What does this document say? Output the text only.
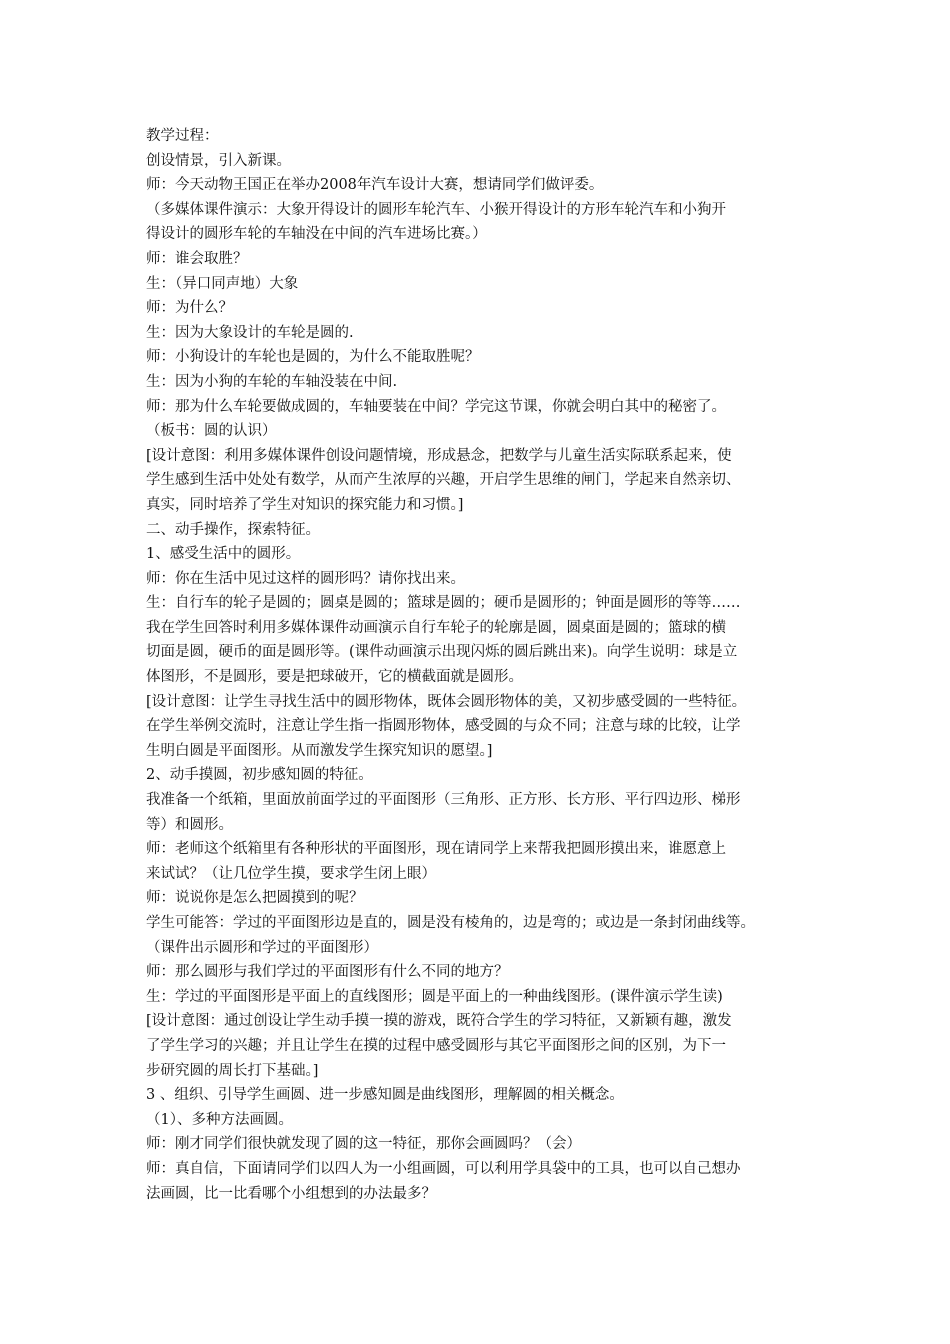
教学过程：
创设情景，引入新课。
师：今天动物王国正在举办2008年汽车设计大赛，想请同学们做评委。
（多媒体课件演示：大象开得设计的圆形车轮汽车、小猴开得设计的方形车轮汽车和小狗开
得设计的圆形车轮的车轴没在中间的汽车进场比赛。）
师：谁会取胜？
生：（异口同声地）大象
师：为什么？
生：因为大象设计的车轮是圆的.
师：小狗设计的车轮也是圆的，为什么不能取胜呢？
生：因为小狗的车轮的车轴没装在中间.
师：那为什么车轮要做成圆的，车轴要装在中间？学完这节课，你就会明白其中的秘密了。
（板书：圆的认识）
[设计意图：利用多媒体课件创设问题情境，形成悬念，把数学与儿童生活实际联系起来，使
学生感到生活中处处有数学，从而产生浓厚的兴趣，开启学生思维的闸门，学起来自然亲切、
真实，同时培养了学生对知识的探究能力和习惯。]
二、动手操作，探索特征。
1、感受生活中的圆形。
师：你在生活中见过这样的圆形吗？请你找出来。
生：自行车的轮子是圆的；圆桌是圆的；篮球是圆的；硬币是圆形的；钟面是圆形的等等……
我在学生回答时利用多媒体课件动画演示自行车轮子的轮廓是圆，圆桌面是圆的；篮球的横
切面是圆，硬币的面是圆形等。(课件动画演示出现闪烁的圆后跳出来)。向学生说明：球是立
体图形，不是圆形，要是把球破开，它的横截面就是圆形。
[设计意图：让学生寻找生活中的圆形物体，既体会圆形物体的美，又初步感受圆的一些特征。
在学生举例交流时，注意让学生指一指圆形物体，感受圆的与众不同；注意与球的比较，让学
生明白圆是平面图形。从而激发学生探究知识的愿望。]
2、动手摸圆，初步感知圆的特征。
我准备一个纸箱，里面放前面学过的平面图形（三角形、正方形、长方形、平行四边形、梯形
等）和圆形。
师：老师这个纸箱里有各种形状的平面图形，现在请同学上来帮我把圆形摸出来，谁愿意上
来试试？（让几位学生摸，要求学生闭上眼）
师：说说你是怎么把圆摸到的呢？
学生可能答：学过的平面图形边是直的，圆是没有棱角的，边是弯的；或边是一条封闭曲线等。
（课件出示圆形和学过的平面图形）
师：那么圆形与我们学过的平面图形有什么不同的地方？
生：学过的平面图形是平面上的直线图形；圆是平面上的一种曲线图形。(课件演示学生读)
[设计意图：通过创设让学生动手摸一摸的游戏，既符合学生的学习特征，又新颖有趣，激发
了学生学习的兴趣；并且让学生在摸的过程中感受圆形与其它平面图形之间的区别，为下一
步研究圆的周长打下基础。]
3 、组织、引导学生画圆、进一步感知圆是曲线图形，理解圆的相关概念。
（1）、多种方法画圆。
师：刚才同学们很快就发现了圆的这一特征，那你会画圆吗？（会）
师：真自信，下面请同学们以四人为一小组画圆，可以利用学具袋中的工具，也可以自己想办
法画圆，比一比看哪个小组想到的办法最多？
